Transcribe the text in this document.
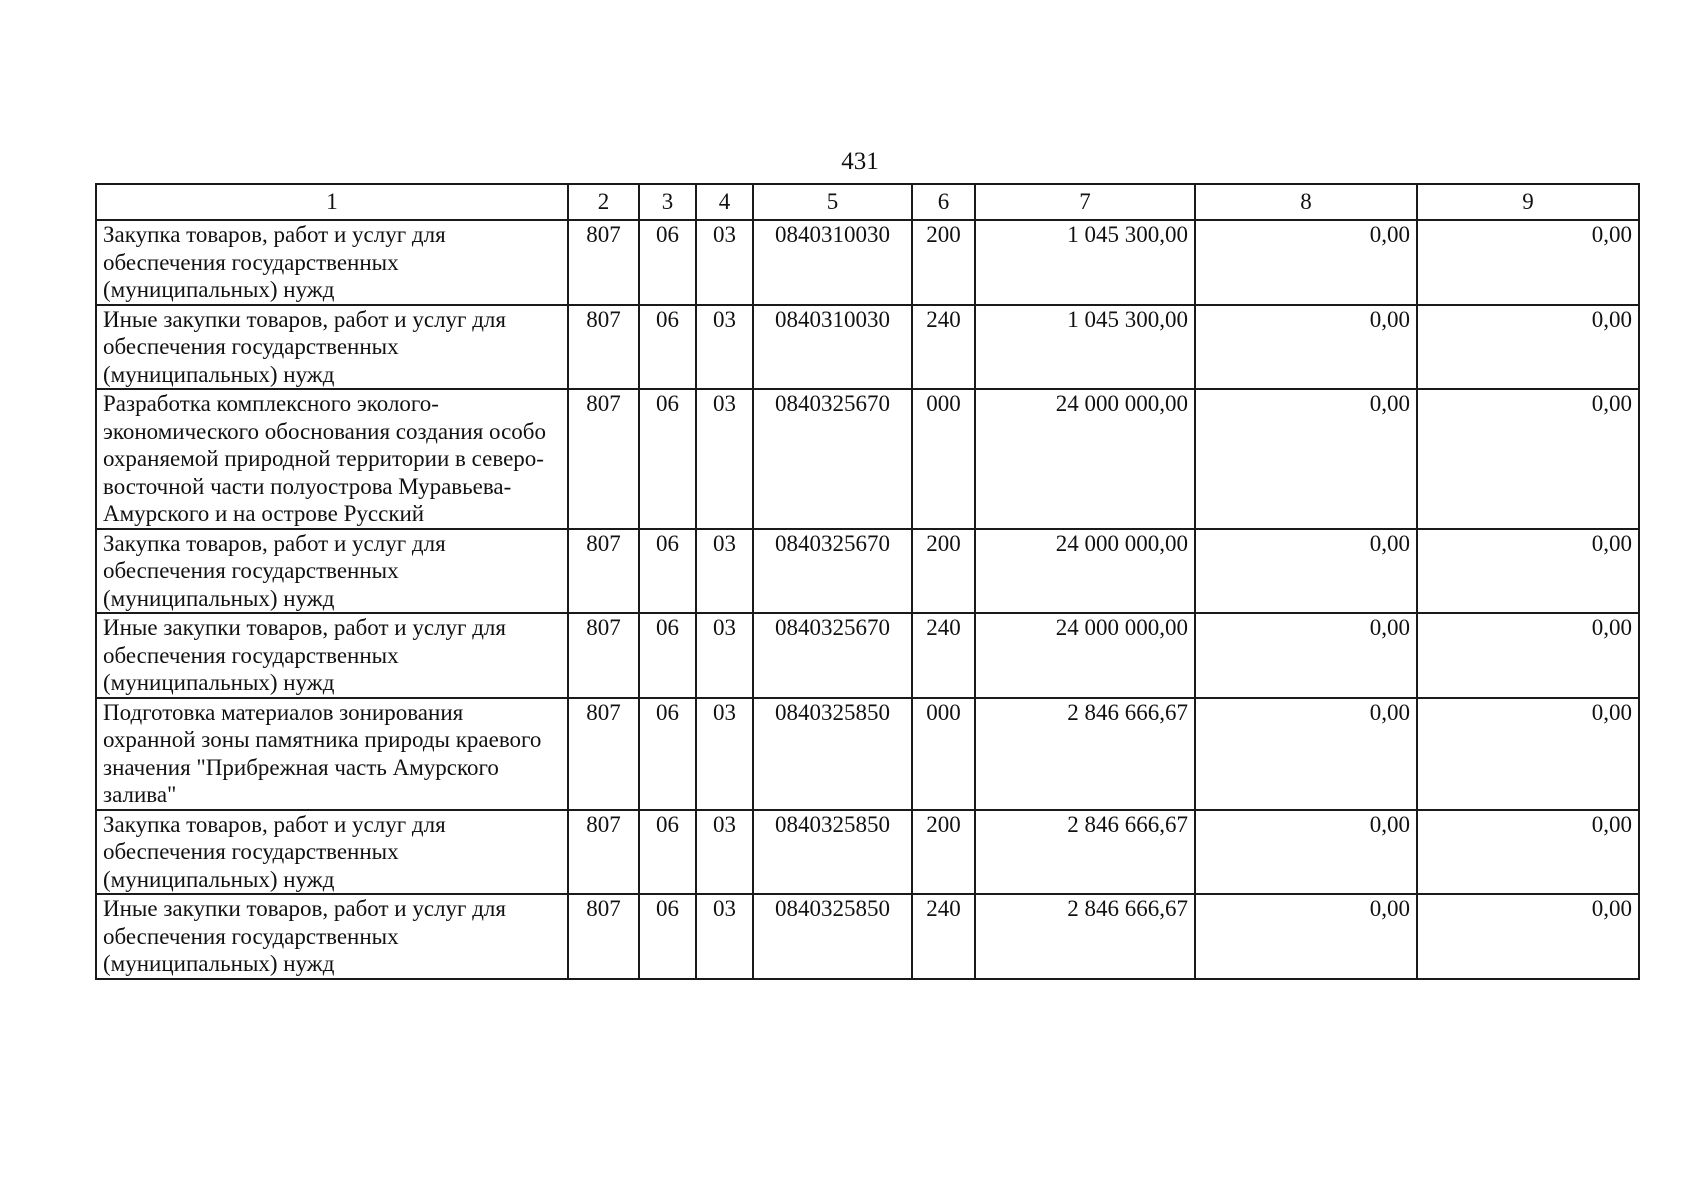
431
1	2	3	4	5	6	7	8	9
Закупка товаров, работ и услуг для обеспечения государственных (муниципальных) нужд	807	06	03	0840310030	200	1 045 300,00	0,00	0,00
Иные закупки товаров, работ и услуг для обеспечения государственных (муниципальных) нужд	807	06	03	0840310030	240	1 045 300,00	0,00	0,00
Разработка комплексного эколого-экономического обоснования создания особо охраняемой природной территории в северо-восточной части полуострова Муравьева-Амурского и на острове Русский	807	06	03	0840325670	000	24 000 000,00	0,00	0,00
Закупка товаров, работ и услуг для обеспечения государственных (муниципальных) нужд	807	06	03	0840325670	200	24 000 000,00	0,00	0,00
Иные закупки товаров, работ и услуг для обеспечения государственных (муниципальных) нужд	807	06	03	0840325670	240	24 000 000,00	0,00	0,00
Подготовка материалов зонирования охранной зоны памятника природы краевого значения "Прибрежная часть Амурского залива"	807	06	03	0840325850	000	2 846 666,67	0,00	0,00
Закупка товаров, работ и услуг для обеспечения государственных (муниципальных) нужд	807	06	03	0840325850	200	2 846 666,67	0,00	0,00
Иные закупки товаров, работ и услуг для обеспечения государственных (муниципальных) нужд	807	06	03	0840325850	240	2 846 666,67	0,00	0,00
